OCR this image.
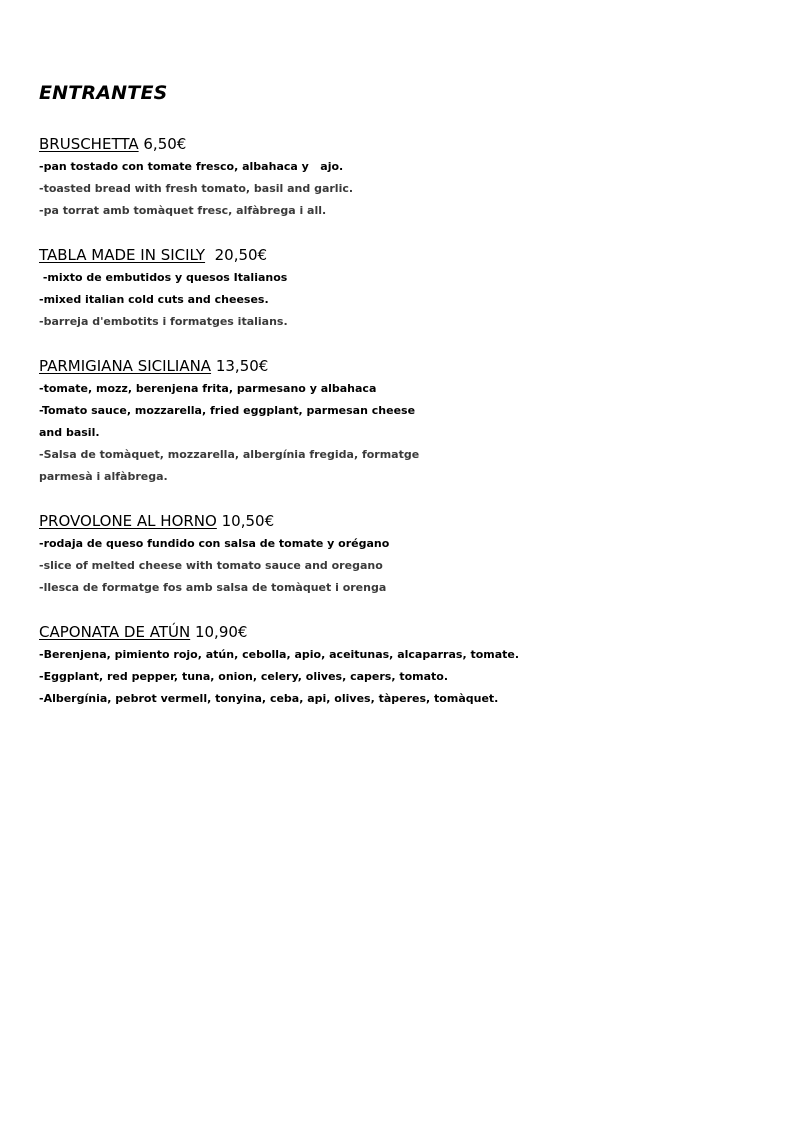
ENTRANTES
BRUSCHETTA 6,50€
-pan tostado con tomate fresco, albahaca y   ajo.
-toasted bread with fresh tomato, basil and garlic.
-pa torrat amb tomàquet fresc, alfàbrega i all.
TABLA MADE IN SICILY 20,50€
-mixto de embutidos y quesos Italianos
-mixed italian cold cuts and cheeses.
-barreja d'embotits i formatges italians.
PARMIGIANA SICILIANA 13,50€
-tomate, mozz, berenjena frita, parmesano y albahaca
-Tomato sauce, mozzarella, fried eggplant, parmesan cheese
and basil.
-Salsa de tomàquet, mozzarella, albergínia fregida, formatge
parmesà i alfàbrega.
PROVOLONE AL HORNO 10,50€
-rodaja de queso fundido con salsa de tomate y orégano
-slice of melted cheese with tomato sauce and oregano
-llesca de formatge fos amb salsa de tomàquet i orenga
CAPONATA DE ATÚN 10,90€
-Berenjena, pimiento rojo, atún, cebolla, apio, aceitunas, alcaparras, tomate.
-Eggplant, red pepper, tuna, onion, celery, olives, capers, tomato.
-Albergínia, pebrot vermell, tonyina, ceba, api, olives, tàperes, tomàquet.
